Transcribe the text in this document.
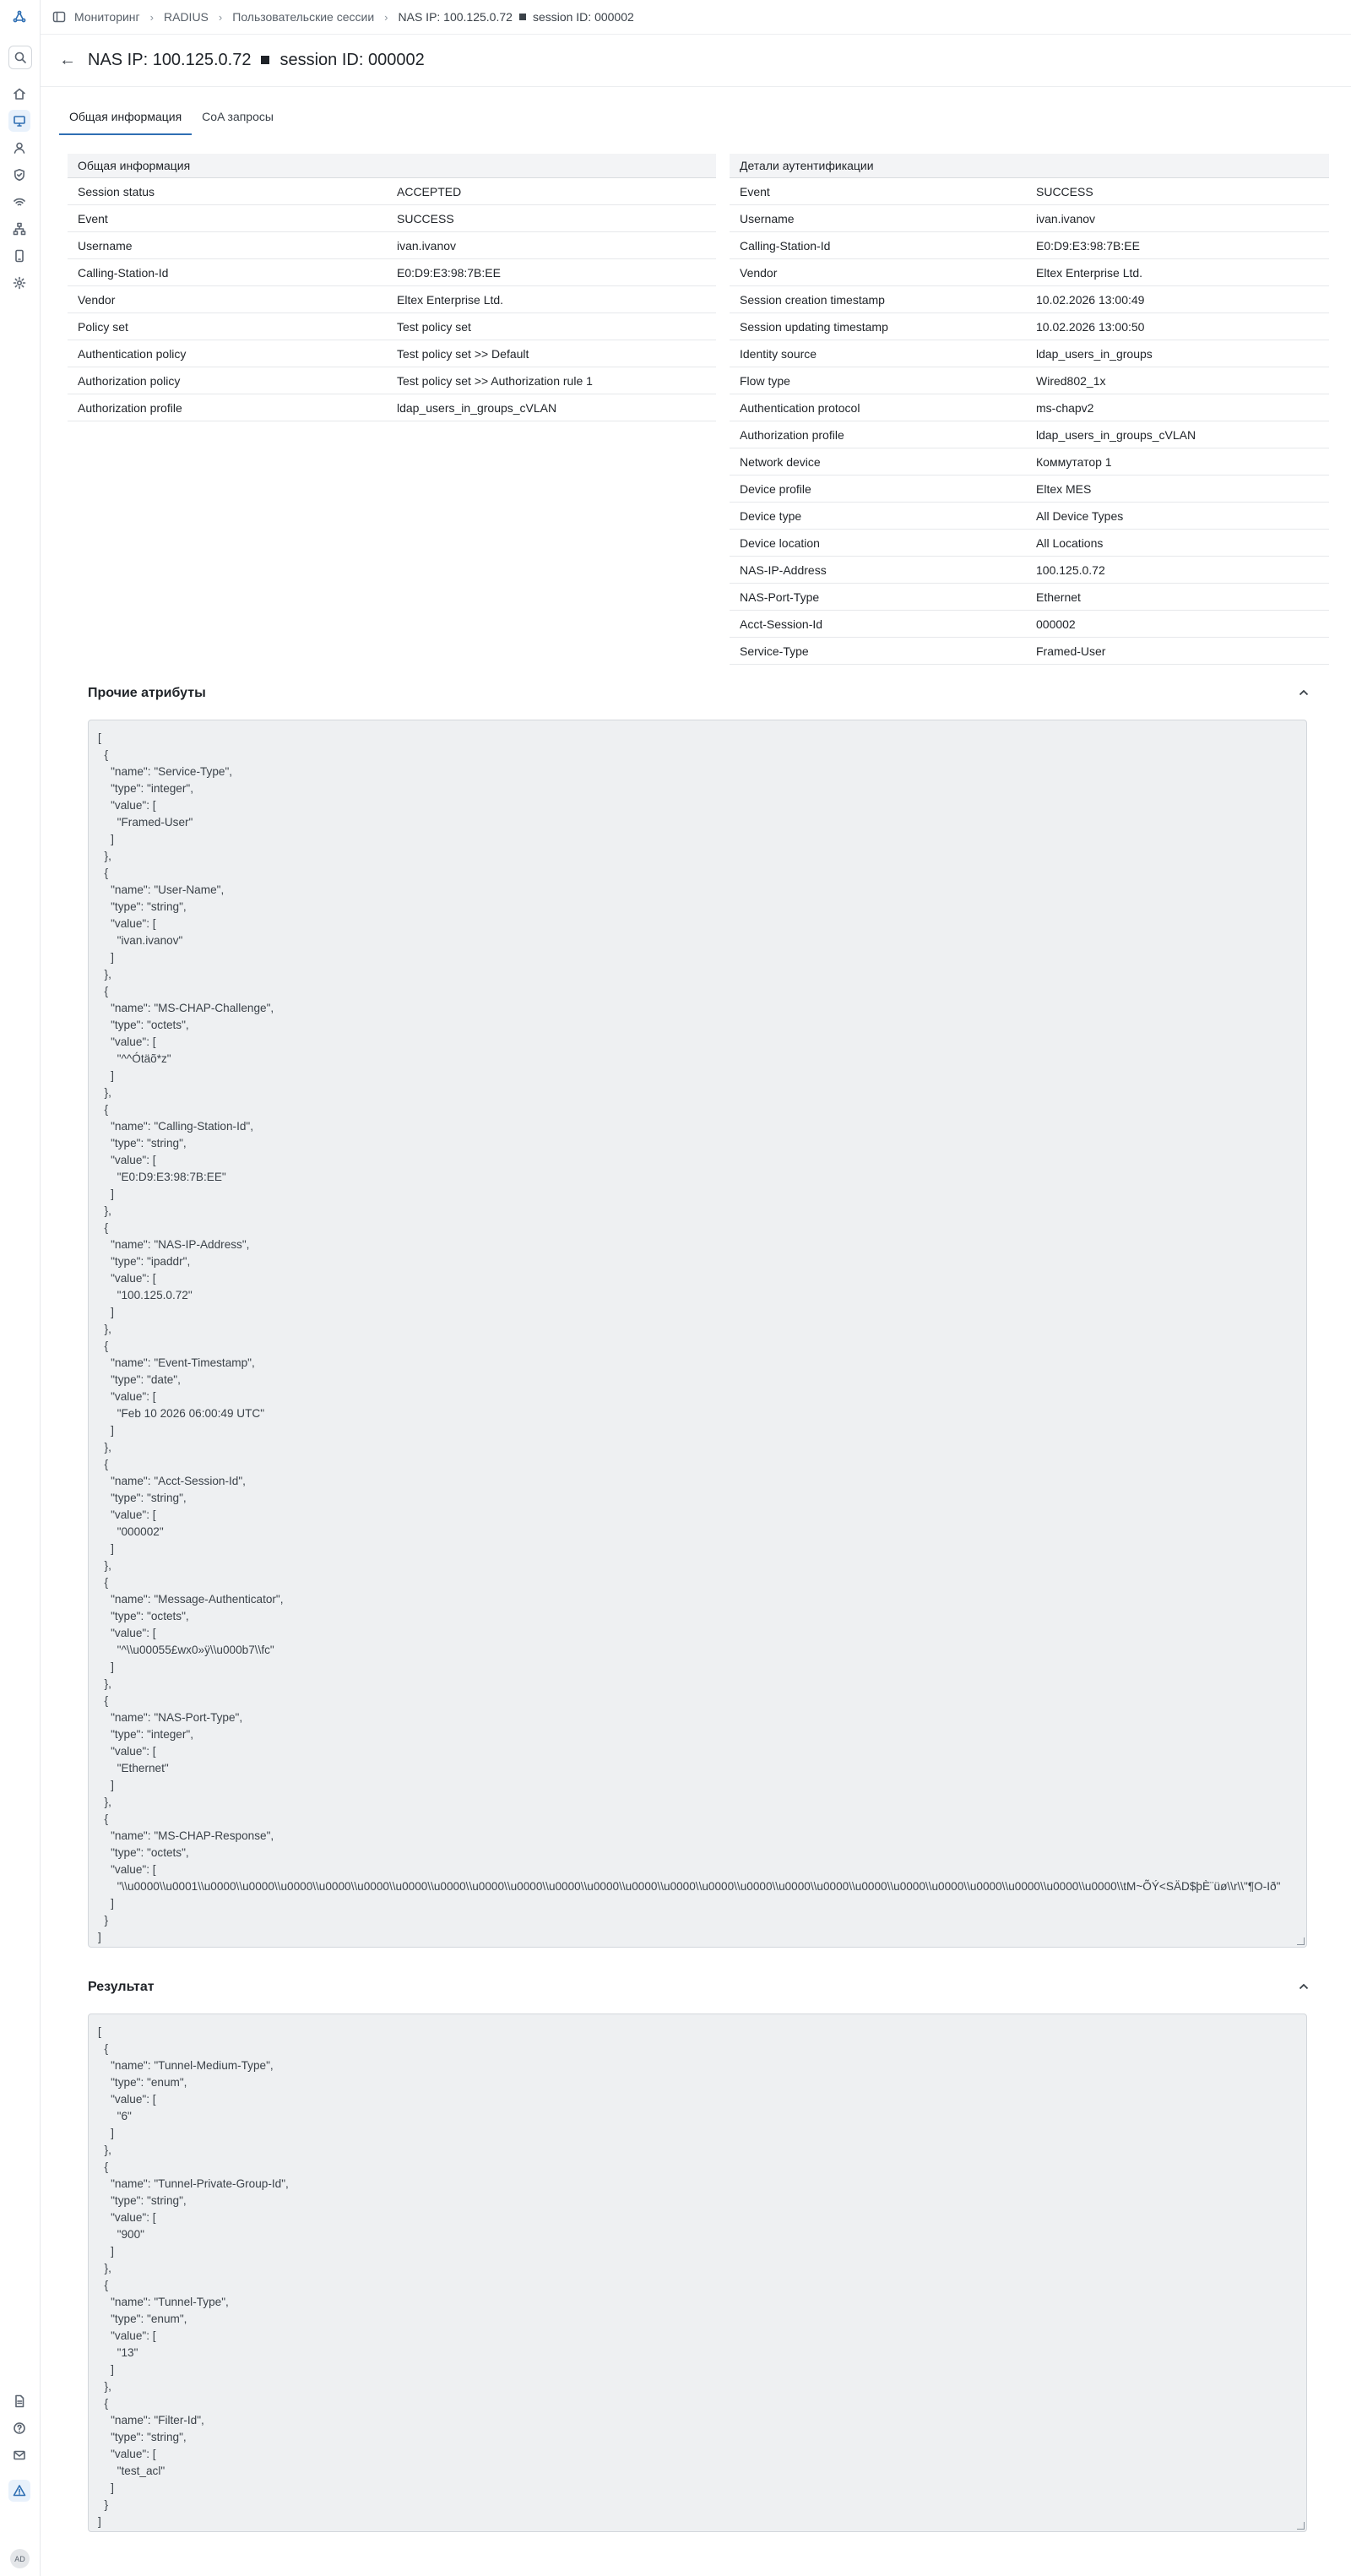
AD
Мониторинг › RADIUS › Пользовательские сессии › NAS IP: 100.125.0.72 session ID: 000002
← NAS IP: 100.125.0.72 session ID: 000002
Общая информация	CoA запросы
Общая информация
Session status	ACCEPTED
Event	SUCCESS
Username	ivan.ivanov
Calling-Station-Id	E0:D9:E3:98:7B:EE
Vendor	Eltex Enterprise Ltd.
Policy set	Test policy set
Authentication policy	Test policy set >> Default
Authorization policy	Test policy set >> Authorization rule 1
Authorization profile	ldap_users_in_groups_cVLAN
Детали аутентификации
Event	SUCCESS
Username	ivan.ivanov
Calling-Station-Id	E0:D9:E3:98:7B:EE
Vendor	Eltex Enterprise Ltd.
Session creation timestamp	10.02.2026 13:00:49
Session updating timestamp	10.02.2026 13:00:50
Identity source	ldap_users_in_groups
Flow type	Wired802_1x
Authentication protocol	ms-chapv2
Authorization profile	ldap_users_in_groups_cVLAN
Network device	Коммутатор 1
Device profile	Eltex MES
Device type	All Device Types
Device location	All Locations
NAS-IP-Address	100.125.0.72
NAS-Port-Type	Ethernet
Acct-Session-Id	000002
Service-Type	Framed-User
Прочие атрибуты
[
{
"name": "Service-Type",
"type": "integer",
"value": [
"Framed-User"
]
},
{
"name": "User-Name",
"type": "string",
"value": [
"ivan.ivanov"
]
},
{
"name": "MS-CHAP-Challenge",
"type": "octets",
"value": [
"^^Ótäõ*z"
]
},
{
"name": "Calling-Station-Id",
"type": "string",
"value": [
"E0:D9:E3:98:7B:EE"
]
},
{
"name": "NAS-IP-Address",
"type": "ipaddr",
"value": [
"100.125.0.72"
]
},
{
"name": "Event-Timestamp",
"type": "date",
"value": [
"Feb 10 2026 06:00:49 UTC"
]
},
{
"name": "Acct-Session-Id",
"type": "string",
"value": [
"000002"
]
},
{
"name": "Message-Authenticator",
"type": "octets",
"value": [
"^\\u00055£wx0»ÿ\\u000b7\\fc"
]
},
{
"name": "NAS-Port-Type",
"type": "integer",
"value": [
"Ethernet"
]
},
{
"name": "MS-CHAP-Response",
"type": "octets",
"value": [
"\\u0000\\u0001\\u0000\\u0000\\u0000\\u0000\\u0000\\u0000\\u0000\\u0000\\u0000\\u0000\\u0000\\u0000\\u0000\\u0000\\u0000\\u0000\\u0000\\u0000\\u0000\\u0000\\u0000\\u0000\\u0000\\u0000\\tM~ÕÝ<SÄD$þÈ¨üø\\r\\"¶O-Ið"
]
}
]
Результат
[
{
"name": "Tunnel-Medium-Type",
"type": "enum",
"value": [
"6"
]
},
{
"name": "Tunnel-Private-Group-Id",
"type": "string",
"value": [
"900"
]
},
{
"name": "Tunnel-Type",
"type": "enum",
"value": [
"13"
]
},
{
"name": "Filter-Id",
"type": "string",
"value": [
"test_acl"
]
}
]
